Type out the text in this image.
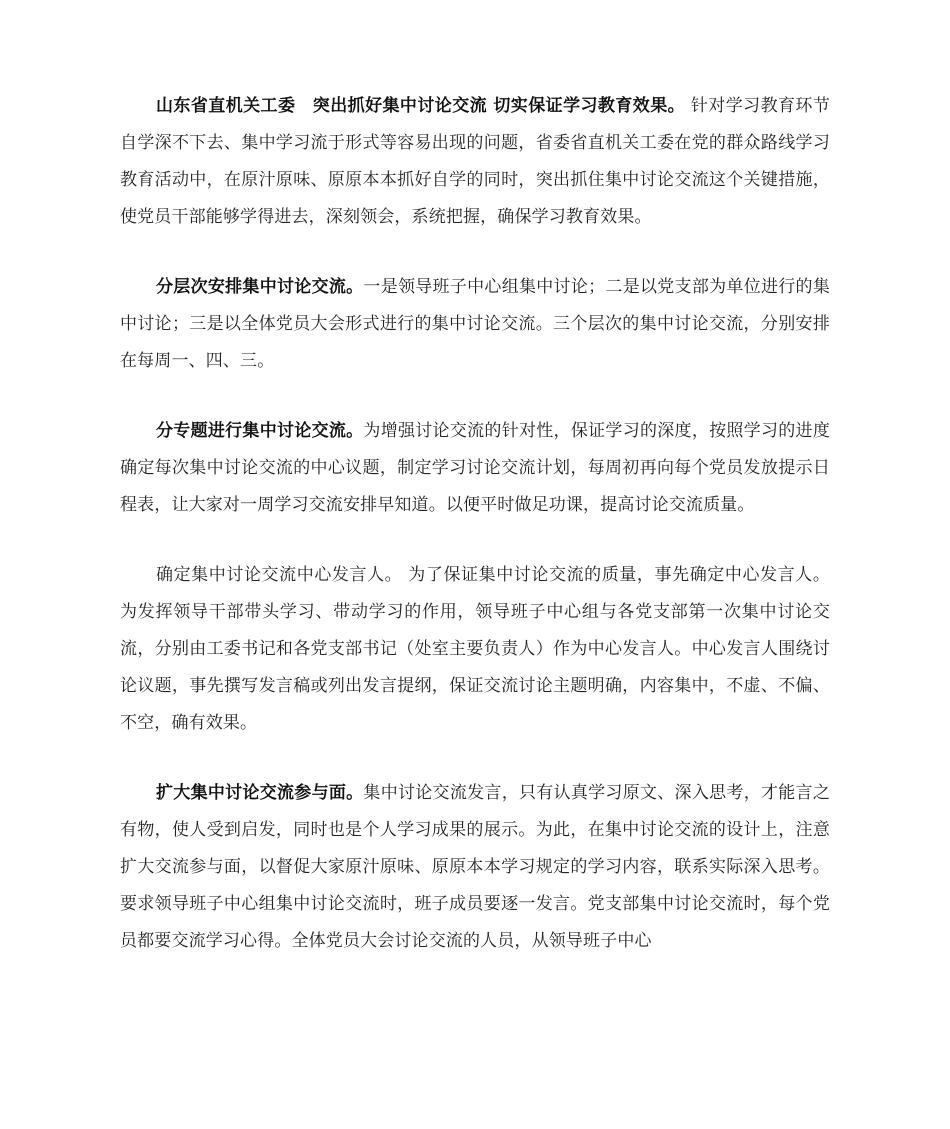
山东省直机关工委　突出抓好集中讨论交流 切实保证学习教育效果。 针对学习教育环节自学深不下去、集中学习流于形式等容易出现的问题，省委省直机关工委在党的群众路线学习教育活动中，在原汁原味、原原本本抓好自学的同时，突出抓住集中讨论交流这个关键措施，使党员干部能够学得进去，深刻领会，系统把握，确保学习教育效果。

分层次安排集中讨论交流。一是领导班子中心组集中讨论；二是以党支部为单位进行的集中讨论；三是以全体党员大会形式进行的集中讨论交流。三个层次的集中讨论交流，分别安排在每周一、四、三。

分专题进行集中讨论交流。为增强讨论交流的针对性，保证学习的深度，按照学习的进度确定每次集中讨论交流的中心议题，制定学习讨论交流计划，每周初再向每个党员发放提示日程表，让大家对一周学习交流安排早知道。以便平时做足功课，提高讨论交流质量。

确定集中讨论交流中心发言人。 为了保证集中讨论交流的质量，事先确定中心发言人。为发挥领导干部带头学习、带动学习的作用，领导班子中心组与各党支部第一次集中讨论交流，分别由工委书记和各党支部书记（处室主要负责人）作为中心发言人。中心发言人围绕讨论议题，事先撰写发言稿或列出发言提纲，保证交流讨论主题明确，内容集中，不虚、不偏、不空，确有效果。

扩大集中讨论交流参与面。集中讨论交流发言，只有认真学习原文、深入思考，才能言之有物，使人受到启发，同时也是个人学习成果的展示。为此，在集中讨论交流的设计上，注意扩大交流参与面，以督促大家原汁原味、原原本本学习规定的学习内容，联系实际深入思考。要求领导班子中心组集中讨论交流时，班子成员要逐一发言。党支部集中讨论交流时，每个党员都要交流学习心得。全体党员大会讨论交流的人员，从领导班子中心
